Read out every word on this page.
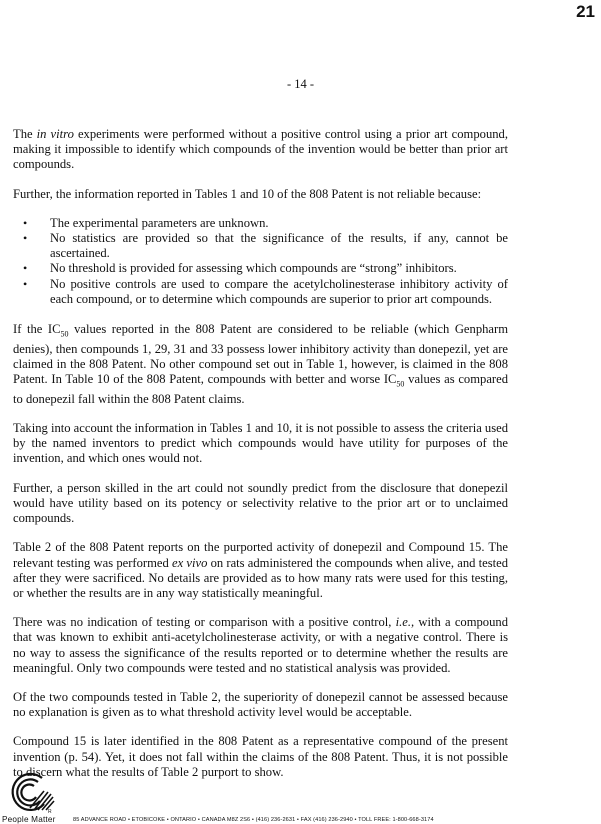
21
- 14 -

The in vitro experiments were performed without a positive control using a prior art compound, making it impossible to identify which compounds of the invention would be better than prior art compounds.

Further, the information reported in Tables 1 and 10 of the 808 Patent is not reliable because:

• The experimental parameters are unknown.
• No statistics are provided so that the significance of the results, if any, cannot be ascertained.
• No threshold is provided for assessing which compounds are “strong” inhibitors.
• No positive controls are used to compare the acetylcholinesterase inhibitory activity of each compound, or to determine which compounds are superior to prior art compounds.

If the $IC_{50}$ values reported in the 808 Patent are considered to be reliable (which Genpharm denies), then compounds 1, 29, 31 and 33 possess lower inhibitory activity than donepezil, yet are claimed in the 808 Patent. No other compound set out in Table 1, however, is claimed in the 808 Patent. In Table 10 of the 808 Patent, compounds with better and worse $IC_{50}$ values as compared to donepezil fall within the 808 Patent claims.

Taking into account the information in Tables 1 and 10, it is not possible to assess the criteria used by the named inventors to predict which compounds would have utility for purposes of the invention, and which ones would not.

Further, a person skilled in the art could not soundly predict from the disclosure that donepezil would have utility based on its potency or selectivity relative to the prior art or to unclaimed compounds.

Table 2 of the 808 Patent reports on the purported activity of donepezil and Compound 15. The relevant testing was performed ex vivo on rats administered the compounds when alive, and tested after they were sacrificed. No details are provided as to how many rats were used for this testing, or whether the results are in any way statistically meaningful.

There was no indication of testing or comparison with a positive control, i.e., with a compound that was known to exhibit anti-acetylcholinesterase activity, or with a negative control. There is no way to assess the significance of the results reported or to determine whether the results are meaningful. Only two compounds were tested and no statistical analysis was provided.

Of the two compounds tested in Table 2, the superiority of donepezil cannot be assessed because no explanation is given as to what threshold activity level would be acceptable.

Compound 15 is later identified in the 808 Patent as a representative compound of the present invention (p. 54). Yet, it does not fall within the claims of the 808 Patent. Thus, it is not possible to discern what the results of Table 2 purport to show.

R
People Matter	85 ADVANCE ROAD • ETOBICOKE • ONTARIO • CANADA M8Z 2S6 • (416) 236-2631 • FAX (416) 236-2940 • TOLL FREE: 1-800-668-3174
